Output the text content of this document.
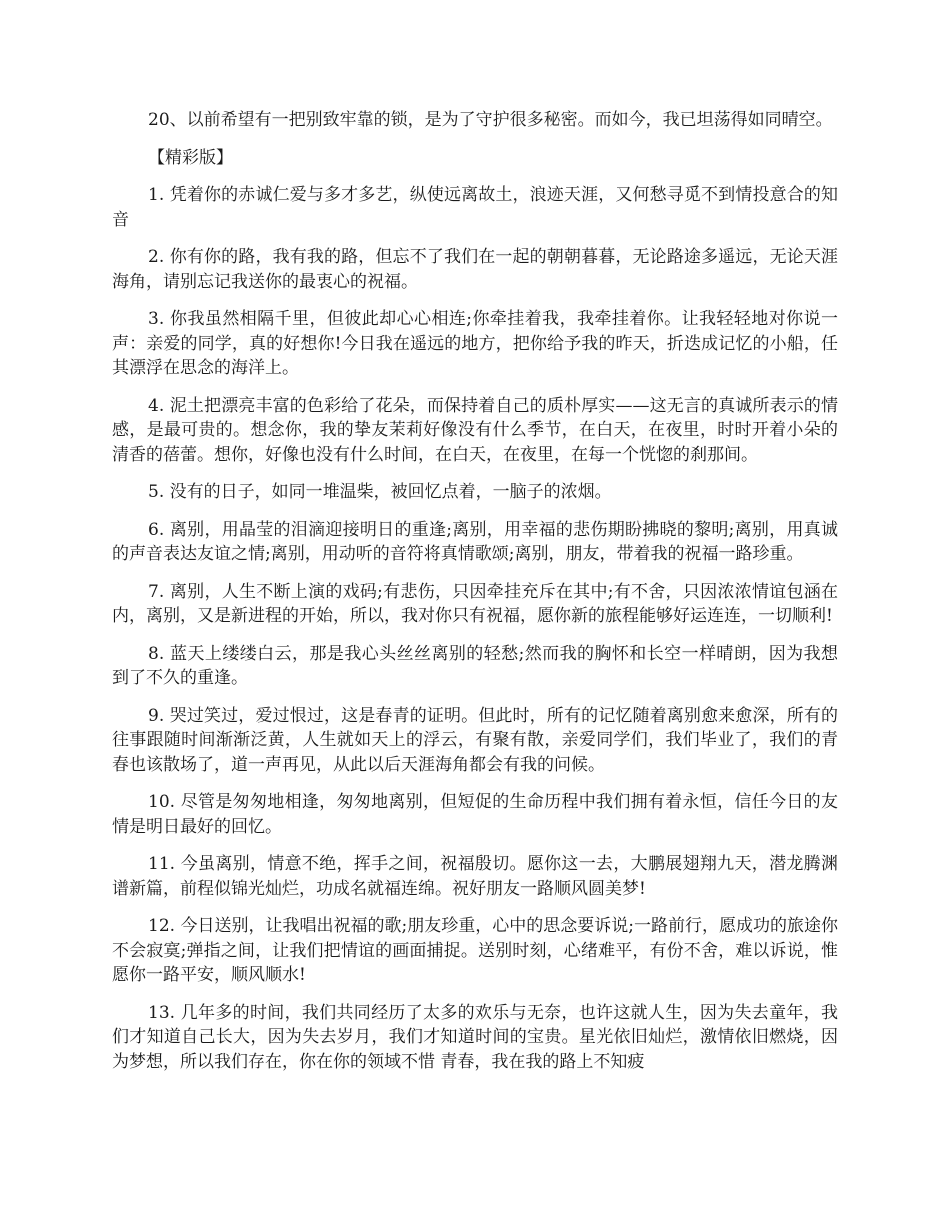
20、以前希望有一把别致牢靠的锁，是为了守护很多秘密。而如今，我已坦荡得如同晴空。

【精彩版】

1. 凭着你的赤诚仁爱与多才多艺，纵使远离故土，浪迹天涯，又何愁寻觅不到情投意合的知音

2. 你有你的路，我有我的路，但忘不了我们在一起的朝朝暮暮，无论路途多遥远，无论天涯海角，请别忘记我送你的最衷心的祝福。

3. 你我虽然相隔千里，但彼此却心心相连;你牵挂着我，我牵挂着你。让我轻轻地对你说一声：亲爱的同学，真的好想你!今日我在遥远的地方，把你给予我的昨天，折迭成记忆的小船，任其漂浮在思念的海洋上。

4. 泥土把漂亮丰富的色彩给了花朵，而保持着自己的质朴厚实——这无言的真诚所表示的情感，是最可贵的。想念你，我的挚友茉莉好像没有什么季节，在白天，在夜里，时时开着小朵的清香的蓓蕾。想你，好像也没有什么时间，在白天，在夜里，在每一个恍惚的刹那间。

5. 没有的日子，如同一堆温柴，被回忆点着，一脑子的浓烟。

6. 离别，用晶莹的泪滴迎接明日的重逢;离别，用幸福的悲伤期盼拂晓的黎明;离别，用真诚的声音表达友谊之情;离别，用动听的音符将真情歌颂;离别，朋友，带着我的祝福一路珍重。

7. 离别，人生不断上演的戏码;有悲伤，只因牵挂充斥在其中;有不舍，只因浓浓情谊包涵在内，离别，又是新进程的开始，所以，我对你只有祝福，愿你新的旅程能够好运连连，一切顺利!

8. 蓝天上缕缕白云，那是我心头丝丝离别的轻愁;然而我的胸怀和长空一样晴朗，因为我想到了不久的重逢。

9. 哭过笑过，爱过恨过，这是春青的证明。但此时，所有的记忆随着离别愈来愈深，所有的往事跟随时间渐渐泛黄，人生就如天上的浮云，有聚有散，亲爱同学们，我们毕业了，我们的青春也该散场了，道一声再见，从此以后天涯海角都会有我的问候。

10. 尽管是匆匆地相逢，匆匆地离别，但短促的生命历程中我们拥有着永恒，信任今日的友情是明日最好的回忆。

11. 今虽离别，情意不绝，挥手之间，祝福殷切。愿你这一去，大鹏展翅翔九天，潜龙腾渊谱新篇，前程似锦光灿烂，功成名就福连绵。祝好朋友一路顺风圆美梦!

12. 今日送别，让我唱出祝福的歌;朋友珍重，心中的思念要诉说;一路前行，愿成功的旅途你不会寂寞;弹指之间，让我们把情谊的画面捕捉。送别时刻，心绪难平，有份不舍，难以诉说，惟愿你一路平安，顺风顺水!

13. 几年多的时间，我们共同经历了太多的欢乐与无奈，也许这就人生，因为失去童年，我们才知道自己长大，因为失去岁月，我们才知道时间的宝贵。星光依旧灿烂，激情依旧燃烧，因为梦想，所以我们存在，你在你的领域不惜 青春，我在我的路上不知疲
